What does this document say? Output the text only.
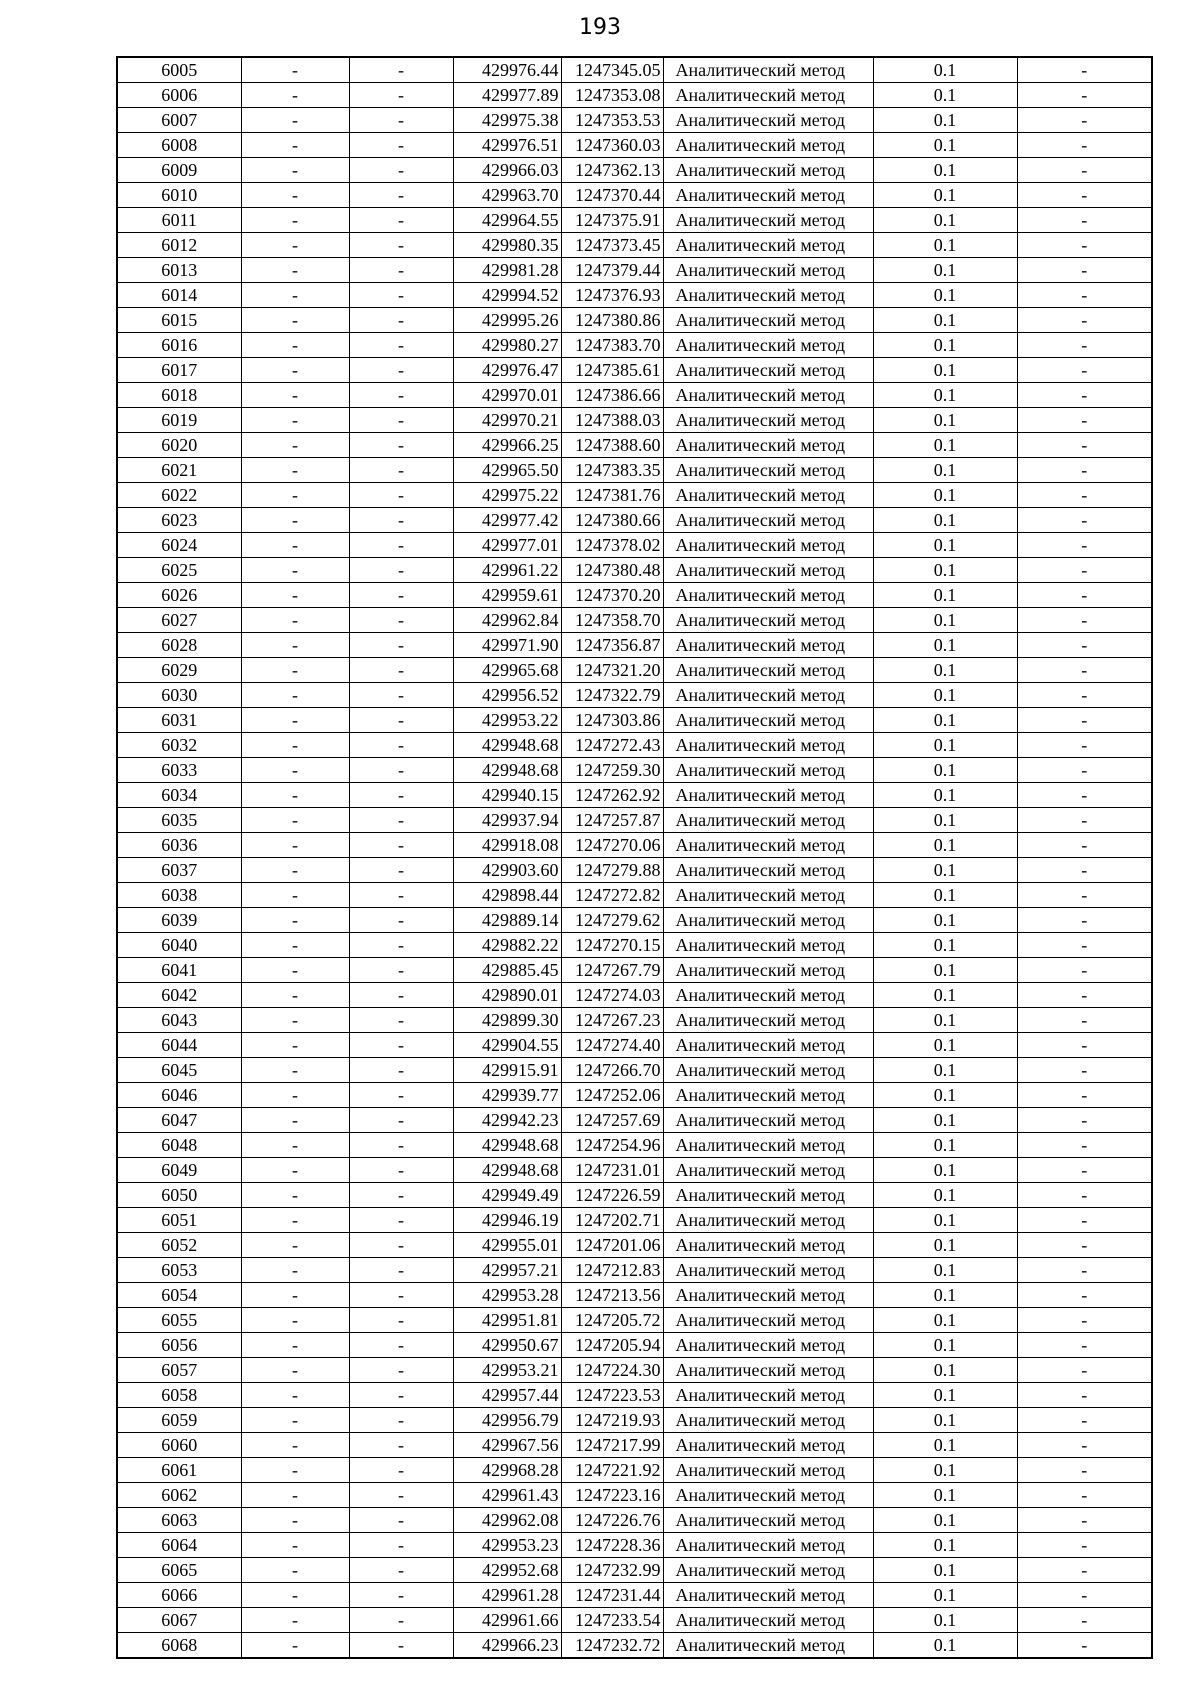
193
6005	-	-	429976.44	1247345.05	Аналитический метод	0.1	-
6006	-	-	429977.89	1247353.08	Аналитический метод	0.1	-
6007	-	-	429975.38	1247353.53	Аналитический метод	0.1	-
6008	-	-	429976.51	1247360.03	Аналитический метод	0.1	-
6009	-	-	429966.03	1247362.13	Аналитический метод	0.1	-
6010	-	-	429963.70	1247370.44	Аналитический метод	0.1	-
6011	-	-	429964.55	1247375.91	Аналитический метод	0.1	-
6012	-	-	429980.35	1247373.45	Аналитический метод	0.1	-
6013	-	-	429981.28	1247379.44	Аналитический метод	0.1	-
6014	-	-	429994.52	1247376.93	Аналитический метод	0.1	-
6015	-	-	429995.26	1247380.86	Аналитический метод	0.1	-
6016	-	-	429980.27	1247383.70	Аналитический метод	0.1	-
6017	-	-	429976.47	1247385.61	Аналитический метод	0.1	-
6018	-	-	429970.01	1247386.66	Аналитический метод	0.1	-
6019	-	-	429970.21	1247388.03	Аналитический метод	0.1	-
6020	-	-	429966.25	1247388.60	Аналитический метод	0.1	-
6021	-	-	429965.50	1247383.35	Аналитический метод	0.1	-
6022	-	-	429975.22	1247381.76	Аналитический метод	0.1	-
6023	-	-	429977.42	1247380.66	Аналитический метод	0.1	-
6024	-	-	429977.01	1247378.02	Аналитический метод	0.1	-
6025	-	-	429961.22	1247380.48	Аналитический метод	0.1	-
6026	-	-	429959.61	1247370.20	Аналитический метод	0.1	-
6027	-	-	429962.84	1247358.70	Аналитический метод	0.1	-
6028	-	-	429971.90	1247356.87	Аналитический метод	0.1	-
6029	-	-	429965.68	1247321.20	Аналитический метод	0.1	-
6030	-	-	429956.52	1247322.79	Аналитический метод	0.1	-
6031	-	-	429953.22	1247303.86	Аналитический метод	0.1	-
6032	-	-	429948.68	1247272.43	Аналитический метод	0.1	-
6033	-	-	429948.68	1247259.30	Аналитический метод	0.1	-
6034	-	-	429940.15	1247262.92	Аналитический метод	0.1	-
6035	-	-	429937.94	1247257.87	Аналитический метод	0.1	-
6036	-	-	429918.08	1247270.06	Аналитический метод	0.1	-
6037	-	-	429903.60	1247279.88	Аналитический метод	0.1	-
6038	-	-	429898.44	1247272.82	Аналитический метод	0.1	-
6039	-	-	429889.14	1247279.62	Аналитический метод	0.1	-
6040	-	-	429882.22	1247270.15	Аналитический метод	0.1	-
6041	-	-	429885.45	1247267.79	Аналитический метод	0.1	-
6042	-	-	429890.01	1247274.03	Аналитический метод	0.1	-
6043	-	-	429899.30	1247267.23	Аналитический метод	0.1	-
6044	-	-	429904.55	1247274.40	Аналитический метод	0.1	-
6045	-	-	429915.91	1247266.70	Аналитический метод	0.1	-
6046	-	-	429939.77	1247252.06	Аналитический метод	0.1	-
6047	-	-	429942.23	1247257.69	Аналитический метод	0.1	-
6048	-	-	429948.68	1247254.96	Аналитический метод	0.1	-
6049	-	-	429948.68	1247231.01	Аналитический метод	0.1	-
6050	-	-	429949.49	1247226.59	Аналитический метод	0.1	-
6051	-	-	429946.19	1247202.71	Аналитический метод	0.1	-
6052	-	-	429955.01	1247201.06	Аналитический метод	0.1	-
6053	-	-	429957.21	1247212.83	Аналитический метод	0.1	-
6054	-	-	429953.28	1247213.56	Аналитический метод	0.1	-
6055	-	-	429951.81	1247205.72	Аналитический метод	0.1	-
6056	-	-	429950.67	1247205.94	Аналитический метод	0.1	-
6057	-	-	429953.21	1247224.30	Аналитический метод	0.1	-
6058	-	-	429957.44	1247223.53	Аналитический метод	0.1	-
6059	-	-	429956.79	1247219.93	Аналитический метод	0.1	-
6060	-	-	429967.56	1247217.99	Аналитический метод	0.1	-
6061	-	-	429968.28	1247221.92	Аналитический метод	0.1	-
6062	-	-	429961.43	1247223.16	Аналитический метод	0.1	-
6063	-	-	429962.08	1247226.76	Аналитический метод	0.1	-
6064	-	-	429953.23	1247228.36	Аналитический метод	0.1	-
6065	-	-	429952.68	1247232.99	Аналитический метод	0.1	-
6066	-	-	429961.28	1247231.44	Аналитический метод	0.1	-
6067	-	-	429961.66	1247233.54	Аналитический метод	0.1	-
6068	-	-	429966.23	1247232.72	Аналитический метод	0.1	-
